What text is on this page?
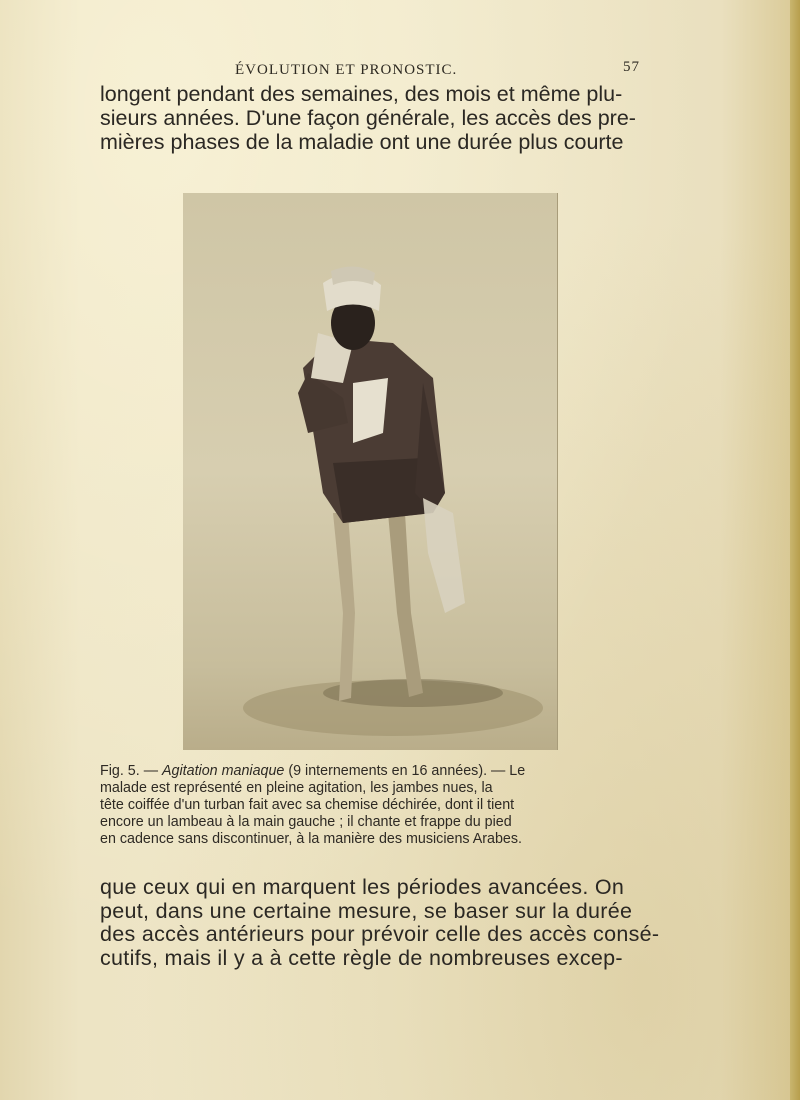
ÉVOLUTION ET PRONOSTIC.	57
longent pendant des semaines, des mois et même plu-
sieurs années. D'une façon générale, les accès des pre-
mières phases de la maladie ont une durée plus courte
Fig. 5. — Agitation maniaque (9 internements en 16 années). — Le
malade est représenté en pleine agitation, les jambes nues, la
tête coiffée d'un turban fait avec sa chemise déchirée, dont il tient
encore un lambeau à la main gauche ; il chante et frappe du pied
en cadence sans discontinuer, à la manière des musiciens Arabes.
que ceux qui en marquent les périodes avancées. On
peut, dans une certaine mesure, se baser sur la durée
des accès antérieurs pour prévoir celle des accès consé-
cutifs, mais il y a à cette règle de nombreuses excep-
